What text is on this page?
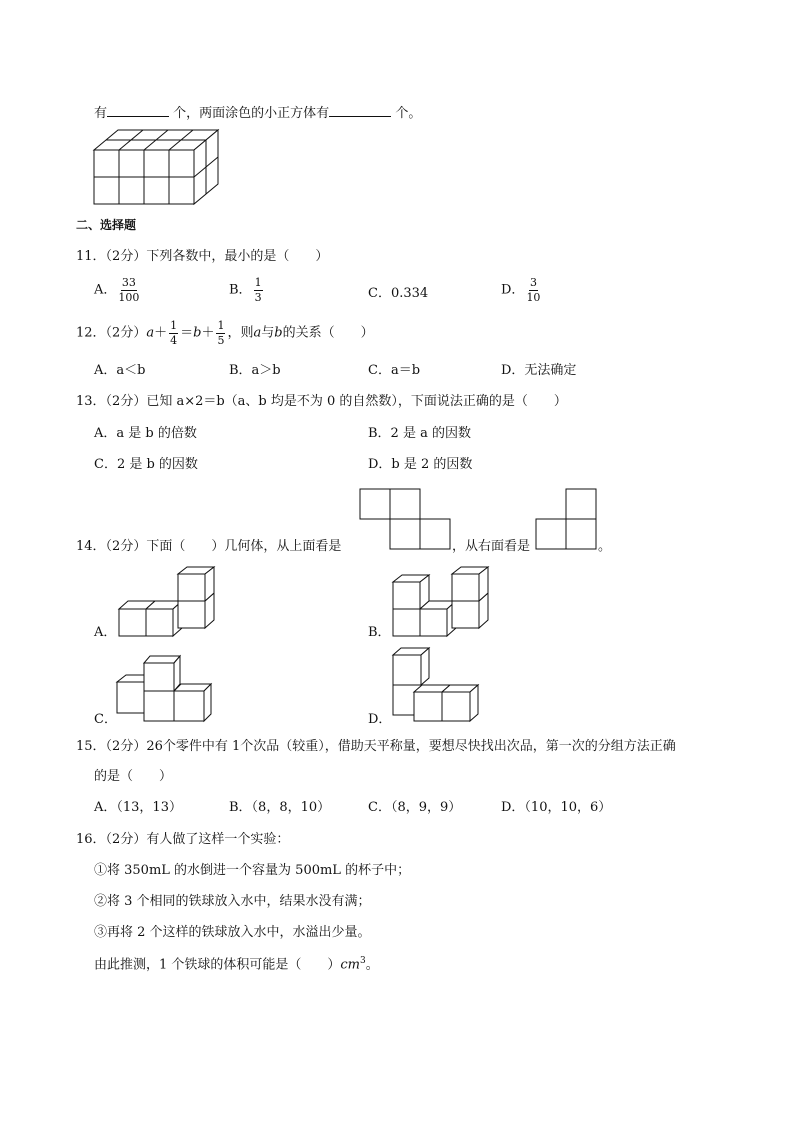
有	个，两面涂色的小正方体有	个。
二、选择题
11．（2分）下列各数中，最小的是（　　）
A． $\frac{33}{100}$	B． $\frac{1}{3}$	C．0.334	D． $\frac{3}{10}$
12．（2分）$a+ \frac{1}{4} =b+ \frac{1}{5}$ ，则a与b的关系（　　）
A．a＜b	B．a＞b	C．a＝b	D．无法确定
13．（2分）已知 a×2＝b（a、b 均是不为 0 的自然数），下面说法正确的是（　　）
A．a 是 b 的倍数	B．2 是 a 的因数
C．2 是 b 的因数	D．b 是 2 的因数
14．（2分）下面（　　）几何体，从上面看是	，从右面看是	。
A．	B．
C．	D．
15．（2分）26个零件中有 1个次品（较重），借助天平称量，要想尽快找出次品，第一次的分组方法正确
的是（　　）
A．（13，13）	B．（8，8，10）	C．（8，9，9）	D．（10，10，6）
16．（2分）有人做了这样一个实验：
①将 350mL 的水倒进一个容量为 500mL 的杯子中；
②将 3 个相同的铁球放入水中，结果水没有满；
③再将 2 个这样的铁球放入水中，水溢出少量。
由此推测，1 个铁球的体积可能是（　　）$cm^3$。
